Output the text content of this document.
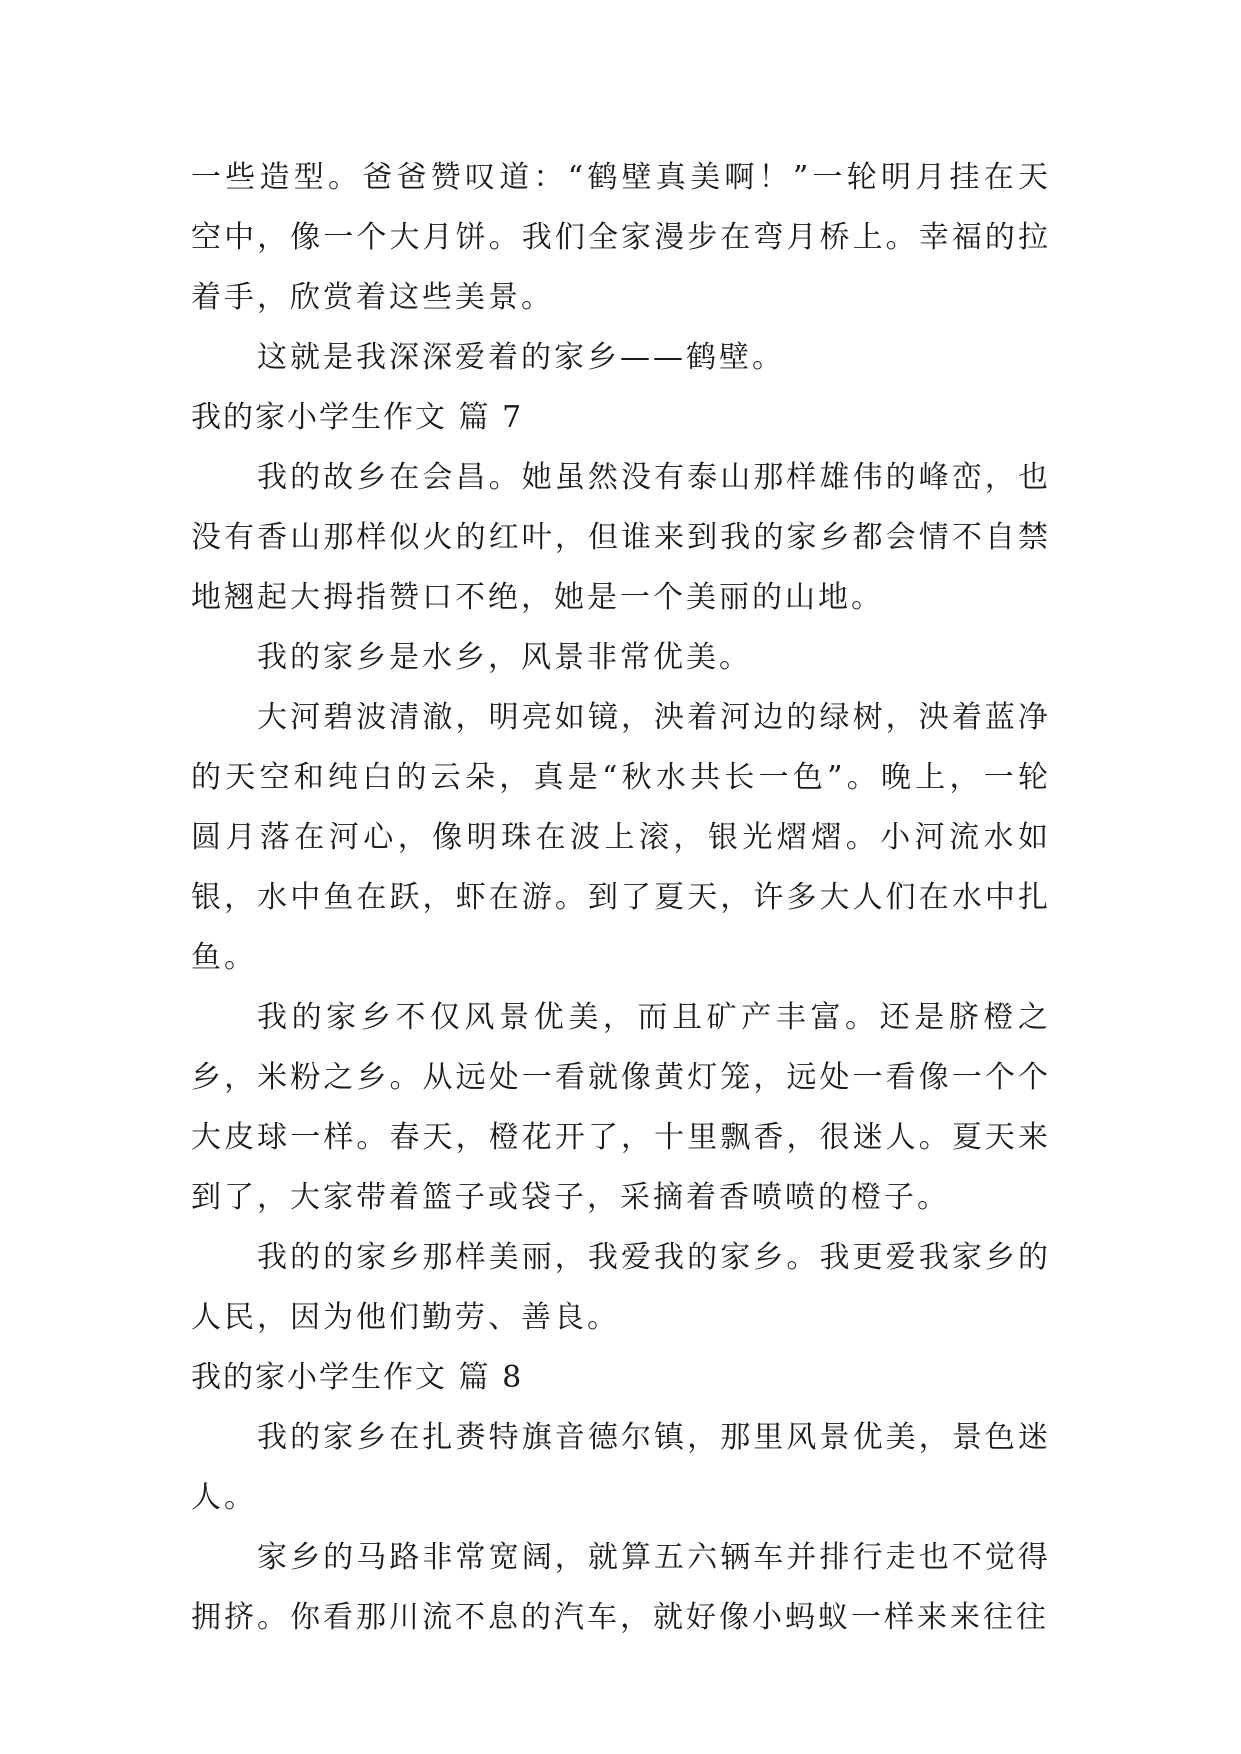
一些造型。爸爸赞叹道：“鹤壁真美啊！”一轮明月挂在天空中，像一个大月饼。我们全家漫步在弯月桥上。幸福的拉着手，欣赏着这些美景。

这就是我深深爱着的家乡——鹤壁。

我的家小学生作文 篇 7

我的故乡在会昌。她虽然没有泰山那样雄伟的峰峦，也没有香山那样似火的红叶，但谁来到我的家乡都会情不自禁地翘起大拇指赞口不绝，她是一个美丽的山地。

我的家乡是水乡，风景非常优美。

大河碧波清澈，明亮如镜，泱着河边的绿树，泱着蓝净的天空和纯白的云朵，真是“秋水共长一色”。晚上，一轮圆月落在河心，像明珠在波上滚，银光熠熠。小河流水如银，水中鱼在跃，虾在游。到了夏天，许多大人们在水中扎鱼。

我的家乡不仅风景优美，而且矿产丰富。还是脐橙之乡，米粉之乡。从远处一看就像黄灯笼，远处一看像一个个大皮球一样。春天，橙花开了，十里飘香，很迷人。夏天来到了，大家带着篮子或袋子，采摘着香喷喷的橙子。

我的的家乡那样美丽，我爱我的家乡。我更爱我家乡的人民，因为他们勤劳、善良。

我的家小学生作文 篇 8

我的家乡在扎赉特旗音德尔镇，那里风景优美，景色迷人。

家乡的马路非常宽阔，就算五六辆车并排行走也不觉得拥挤。你看那川流不息的汽车，就好像小蚂蚁一样来来往往
